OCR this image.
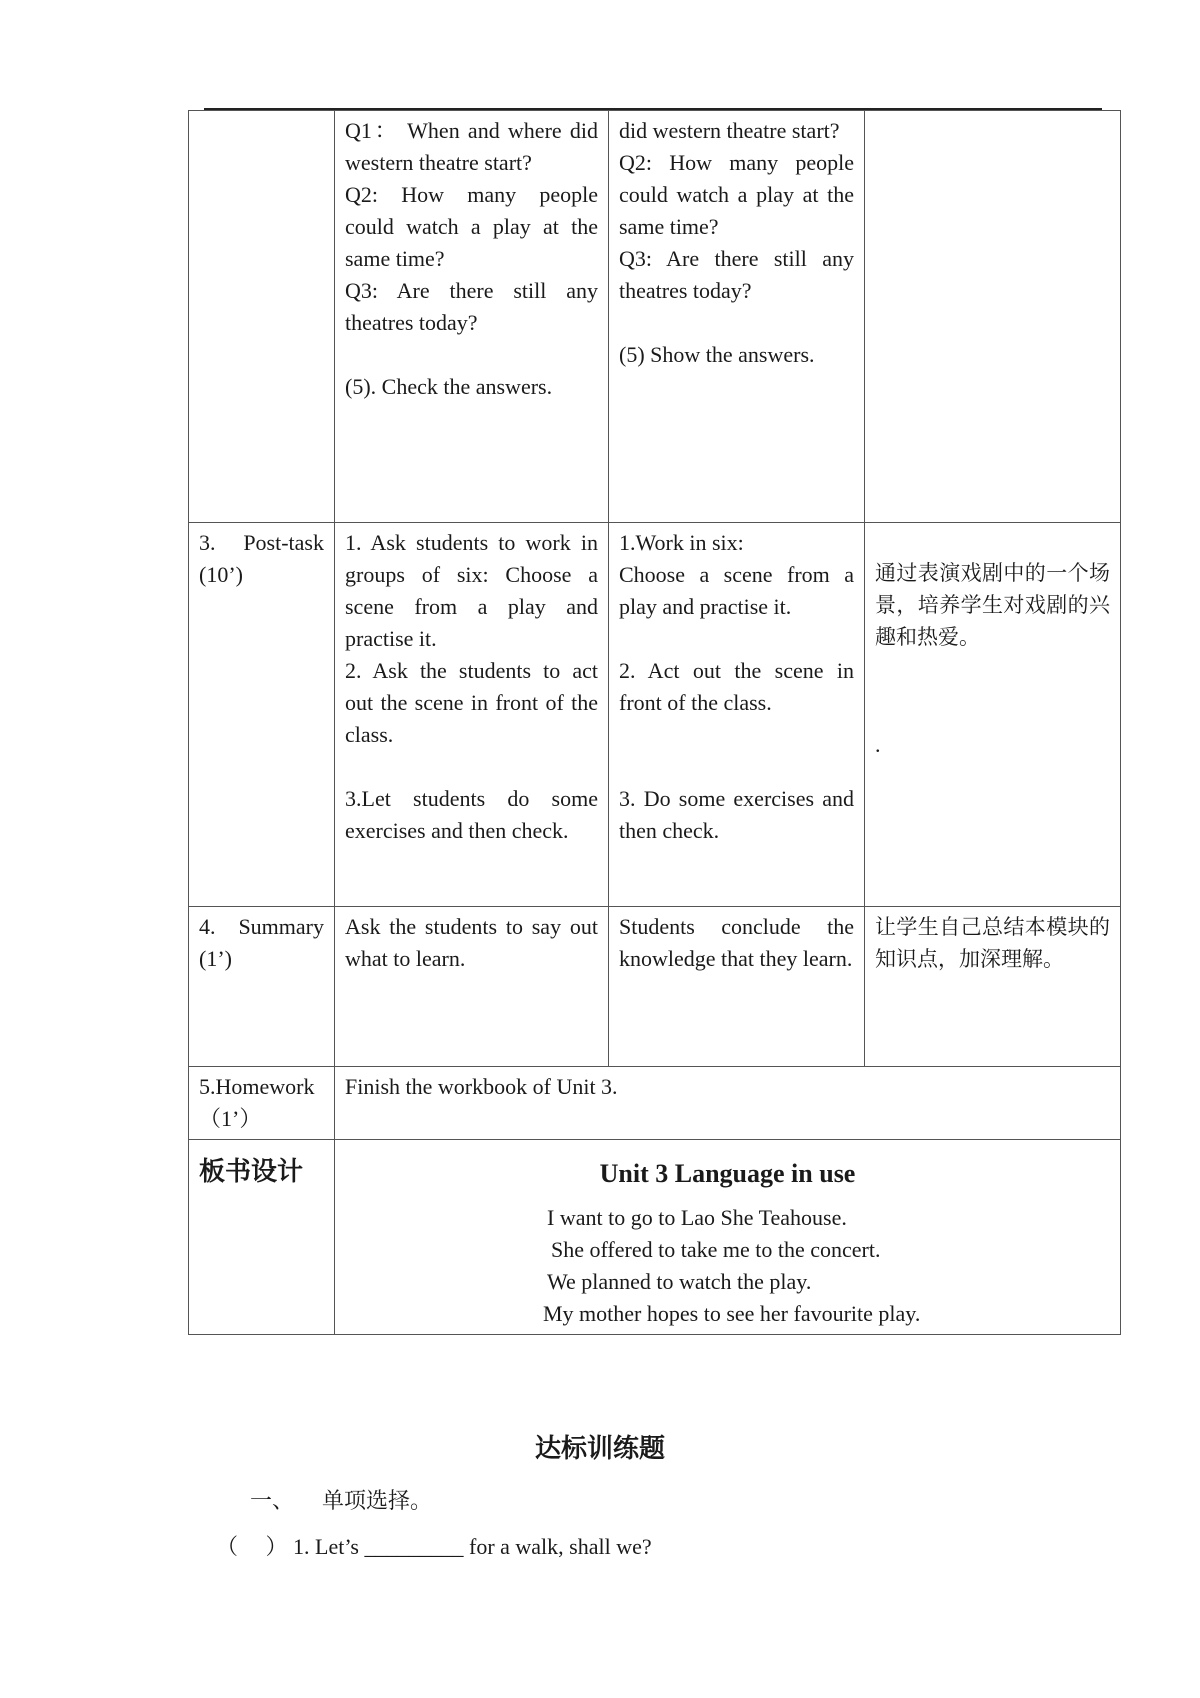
	Q1： When and where did western theatre start?
Q2: How many people could watch a play at the same time?
Q3: Are there still any theatres today?
(5). Check the answers.	did western theatre start?
Q2: How many people could watch a play at the same time?
Q3: Are there still any theatres today?
(5) Show the answers.	

3. Post-task (10’)	1. Ask students to work in groups of six: Choose a scene from a play and practise it.
2. Ask the students to act out the scene in front of the class.
3.Let students do some exercises and then check.	1.Work in six:
Choose a scene from a play and practise it.
2. Act out the scene in front of the class.
3. Do some exercises and then check.	通过表演戏剧中的一个场景，培养学生对戏剧的兴趣和热爱。
.

4. Summary (1’)	Ask the students to say out what to learn.	Students conclude the knowledge that they learn.	让学生自己总结本模块的知识点，加深理解。
5.Homework （1’）	Finish the workbook of Unit 3.		

板书设计	Unit 3 Language in use
I want to go to Lao She Teahouse.
She offered to take me to the concert.
We planned to watch the play.
My mother hopes to see her favourite play.		
达标训练题
一、 单项选择。
（     ） 1. Let’s _________ for a walk, shall we?
